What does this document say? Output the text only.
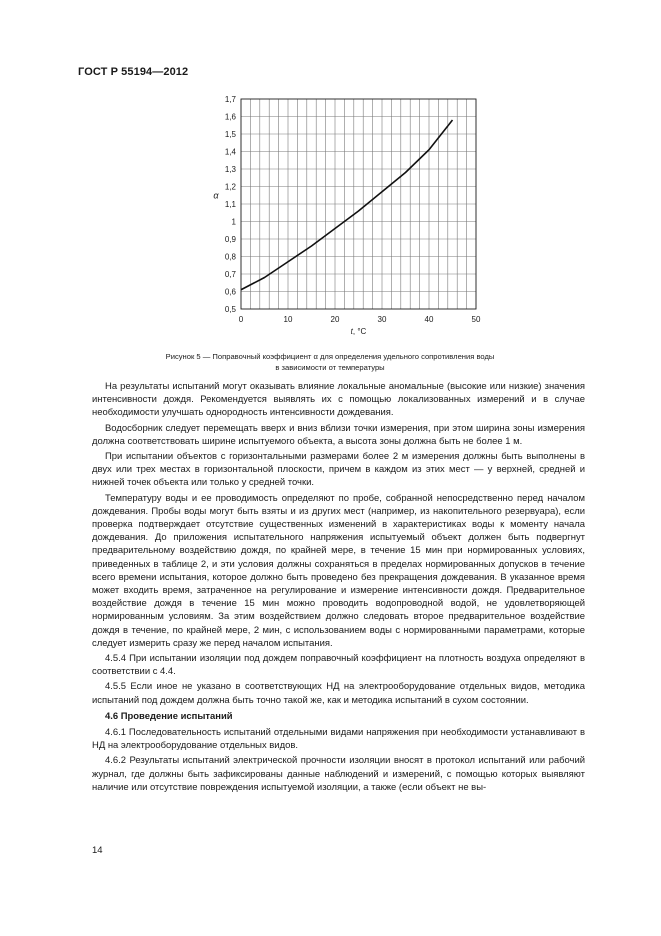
ГОСТ Р 55194—2012
0,5
0,6
0,7
0,8
0,9
1
1,1
1,2
1,3
1,4
1,5
1,6
1,7
0	10	20	30	40	50
α
t, °C
Рисунок 5 — Поправочный коэффициент α для определения удельного сопротивления воды
в зависимости от температуры

На результаты испытаний могут оказывать влияние локальные аномальные (высокие или низкие) значения интенсивности дождя. Рекомендуется выявлять их с помощью локализованных измерений и в случае необходимости улучшать однородность интенсивности дождевания.

Водосборник следует перемещать вверх и вниз вблизи точки измерения, при этом ширина зоны измерения должна соответствовать ширине испытуемого объекта, а высота зоны должна быть не более 1 м.

При испытании объектов с горизонтальными размерами более 2 м измерения должны быть выполнены в двух или трех местах в горизонтальной плоскости, причем в каждом из этих мест — у верхней, средней и нижней точек объекта или только у средней точки.

Температуру воды и ее проводимость определяют по пробе, собранной непосредственно перед началом дождевания. Пробы воды могут быть взяты и из других мест (например, из накопительного резервуара), если проверка подтверждает отсутствие существенных изменений в характеристиках воды к моменту начала дождевания. До приложения испытательного напряжения испытуемый объект должен быть подвергнут предварительному воздействию дождя, по крайней мере, в течение 15 мин при нормированных условиях, приведенных в таблице 2, и эти условия должны сохраняться в пределах нормированных допусков в течение всего времени испытания, которое должно быть проведено без прекращения дождевания. В указанное время может входить время, затраченное на регулирование и измерение интенсивности дождя. Предварительное воздействие дождя в течение 15 мин можно проводить водопроводной водой, не удовлетворяющей нормированным условиям. За этим воздействием должно следовать второе предварительное воздействие дождя в течение, по крайней мере, 2 мин, с использованием воды с нормированными параметрами, которые следует измерить сразу же перед началом испытания.

4.5.4 При испытании изоляции под дождем поправочный коэффициент на плотность воздуха определяют в соответствии с 4.4.

4.5.5 Если иное не указано в соответствующих НД на электрооборудование отдельных видов, методика испытаний под дождем должна быть точно такой же, как и методика испытаний в сухом состоянии.

4.6 Проведение испытаний

4.6.1 Последовательность испытаний отдельными видами напряжения при необходимости устанавливают в НД на электрооборудование отдельных видов.

4.6.2 Результаты испытаний электрической прочности изоляции вносят в протокол испытаний или рабочий журнал, где должны быть зафиксированы данные наблюдений и измерений, с помощью которых выявляют наличие или отсутствие повреждения испытуемой изоляции, а также (если объект не вы-

14
